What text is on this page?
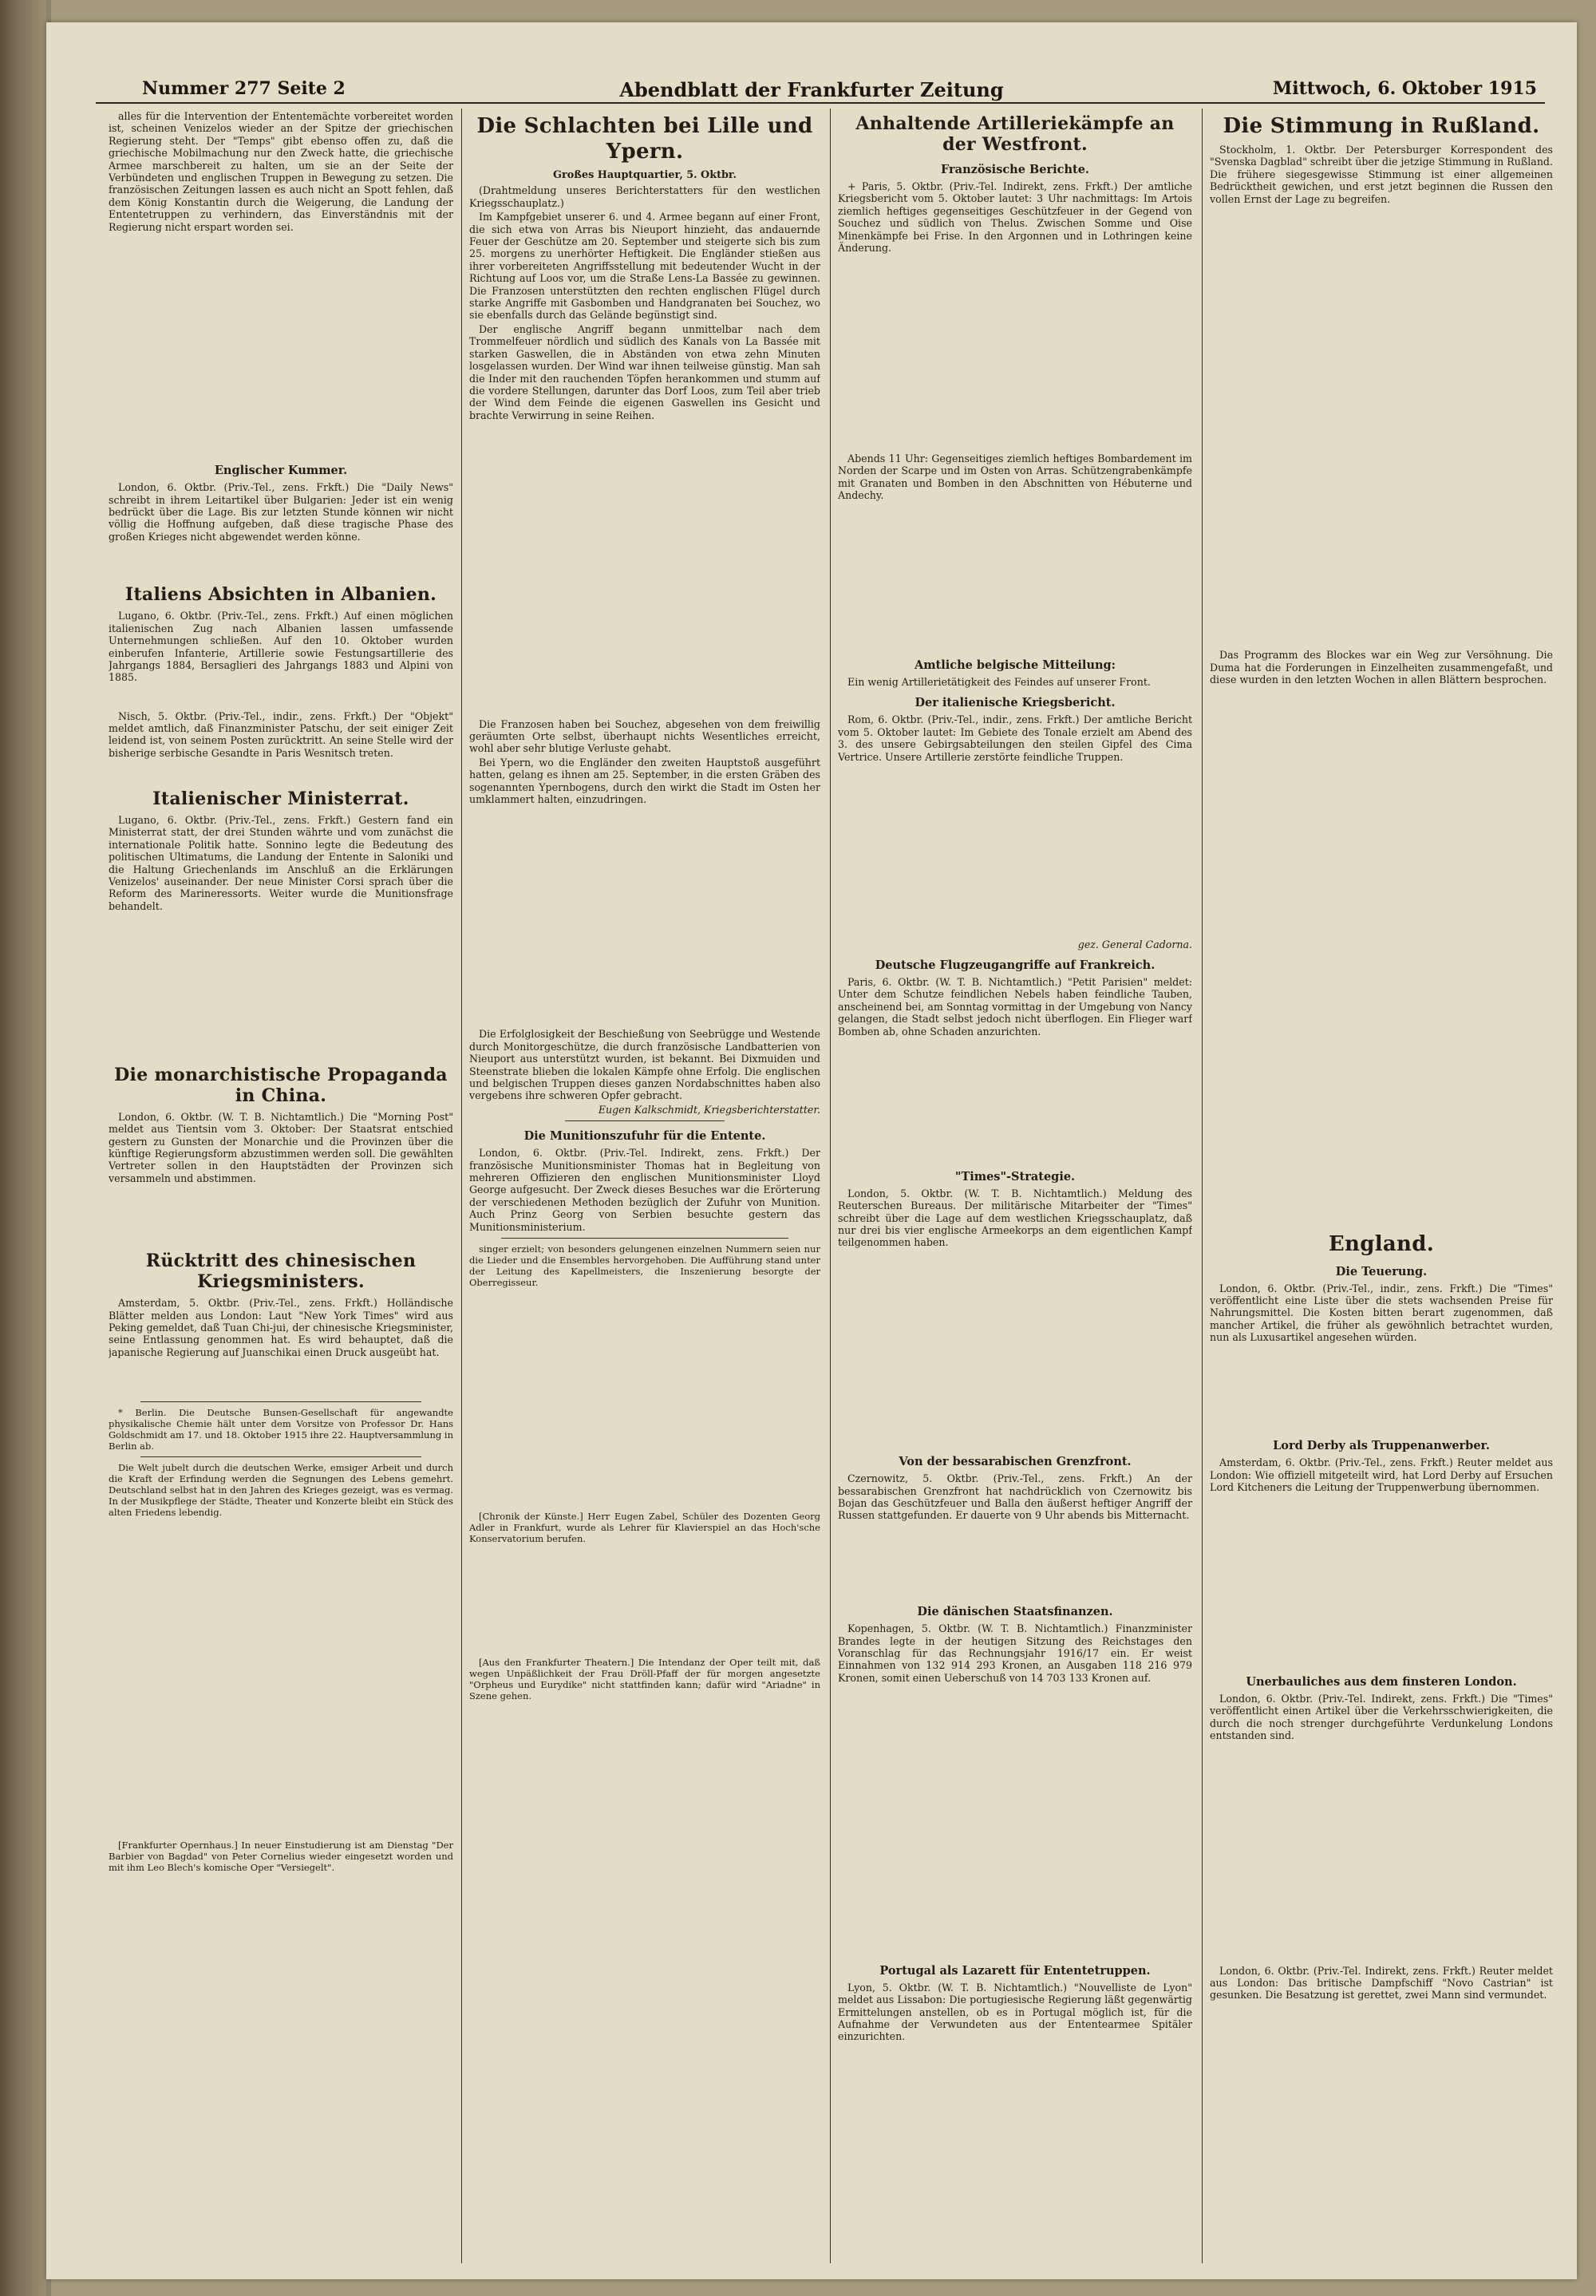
Nummer 277 Seite 2	Abendblatt der Frankfurter Zeitung	Mittwoch, 6. Oktober 1915

alles für die Intervention der Ententemächte vorbereitet worden ist, scheinen Venizelos wieder an der Spitze der griechischen Regierung steht. Der "Temps" gibt ebenso offen zu, daß die griechische Mobilmachung nur den Zweck hatte, die griechische Armee marschbereit zu halten, um sie an der Seite der Verbündeten und englischen Truppen in Bewegung zu setzen. Die französischen Zeitungen lassen es auch nicht an Spott fehlen, daß dem König Konstantin durch die Weigerung, die Landung der Ententetruppen zu verhindern, das Einverständnis mit der Regierung nicht erspart worden sei.

Englischer Kummer.

London, 6. Oktbr. (Priv.-Tel., zens. Frkft.) Die "Daily News" schreibt in ihrem Leitartikel über Bulgarien: Jeder ist ein wenig bedrückt über die Lage. Bis zur letzten Stunde können wir nicht völlig die Hoffnung aufgeben, daß diese tragische Phase des großen Krieges nicht abgewendet werden könne.

Italiens Absichten in Albanien.

Lugano, 6. Oktbr. (Priv.-Tel., zens. Frkft.) Auf einen möglichen italienischen Zug nach Albanien lassen umfassende Unternehmungen schließen. Auf den 10. Oktober wurden einberufen Infanterie, Artillerie sowie Festungsartillerie des Jahrgangs 1884, Bersaglieri des Jahrgangs 1883 und Alpini von 1885.

Nisch, 5. Oktbr. (Priv.-Tel., indir., zens. Frkft.) Der "Objekt" meldet amtlich, daß Finanzminister Patschu, der seit einiger Zeit leidend ist, von seinem Posten zurücktritt. An seine Stelle wird der bisherige serbische Gesandte in Paris Wesnitsch treten.

Italienischer Ministerrat.

Lugano, 6. Oktbr. (Priv.-Tel., zens. Frkft.) Gestern fand ein Ministerrat statt, der drei Stunden währte und vom zunächst die internationale Politik hatte. Sonnino legte die Bedeutung des politischen Ultimatums, die Landung der Entente in Saloniki und die Haltung Griechenlands im Anschluß an die Erklärungen Venizelos' auseinander. Der neue Minister Corsi sprach über die Reform des Marineressorts. Weiter wurde die Munitionsfrage behandelt.

Die monarchistische Propaganda in China.

London, 6. Oktbr. (W. T. B. Nichtamtlich.) Die "Morning Post" meldet aus Tientsin vom 3. Oktober: Der Staatsrat entschied gestern zu Gunsten der Monarchie und die Provinzen über die künftige Regierungsform abzustimmen werden soll. Die gewählten Vertreter sollen in den Hauptstädten der Provinzen sich versammeln und abstimmen.

Rücktritt des chinesischen Kriegsministers.

Amsterdam, 5. Oktbr. (Priv.-Tel., zens. Frkft.) Holländische Blätter melden aus London: Laut "New York Times" wird aus Peking gemeldet, daß Tuan Chi-jui, der chinesische Kriegsminister, seine Entlassung genommen hat. Es wird behauptet, daß die japanische Regierung auf Juanschikai einen Druck ausgeübt hat.

* Berlin. Die Deutsche Bunsen-Gesellschaft für angewandte physikalische Chemie hält unter dem Vorsitze von Professor Dr. Hans Goldschmidt am 17. und 18. Oktober 1915 ihre 22. Hauptversammlung in Berlin ab.

Die Welt jubelt durch die deutschen Werke, emsiger Arbeit und durch die Kraft der Erfindung werden die Segnungen des Lebens gemehrt. Deutschland selbst hat in den Jahren des Krieges gezeigt, was es vermag. In der Musikpflege der Städte, Theater und Konzerte bleibt ein Stück des alten Friedens lebendig.

[Frankfurter Opernhaus.] In neuer Einstudierung ist am Dienstag "Der Barbier von Bagdad" von Peter Cornelius wieder eingesetzt worden und mit ihm Leo Blech's komische Oper "Versiegelt".

Die Schlachten bei Lille und Ypern.
Großes Hauptquartier, 5. Oktbr.

(Drahtmeldung unseres Berichterstatters für den westlichen Kriegsschauplatz.)

Im Kampfgebiet unserer 6. und 4. Armee begann auf einer Front, die sich etwa von Arras bis Nieuport hinzieht, das andauernde Feuer der Geschütze am 20. September und steigerte sich bis zum 25. morgens zu unerhörter Heftigkeit. Die Engländer stießen aus ihrer vorbereiteten Angriffsstellung mit bedeutender Wucht in der Richtung auf Loos vor, um die Straße Lens-La Bassée zu gewinnen. Die Franzosen unterstützten den rechten englischen Flügel durch starke Angriffe mit Gasbomben und Handgranaten bei Souchez, wo sie ebenfalls durch das Gelände begünstigt sind.

Der englische Angriff begann unmittelbar nach dem Trommelfeuer nördlich und südlich des Kanals von La Bassée mit starken Gaswellen, die in Abständen von etwa zehn Minuten losgelassen wurden. Der Wind war ihnen teilweise günstig. Man sah die Inder mit den rauchenden Töpfen herankommen und stumm auf die vordere Stellungen, darunter das Dorf Loos, zum Teil aber trieb der Wind dem Feinde die eigenen Gaswellen ins Gesicht und brachte Verwirrung in seine Reihen.

Die Franzosen haben bei Souchez, abgesehen von dem freiwillig geräumten Orte selbst, überhaupt nichts Wesentliches erreicht, wohl aber sehr blutige Verluste gehabt.

Bei Ypern, wo die Engländer den zweiten Hauptstoß ausgeführt hatten, gelang es ihnen am 25. September, in die ersten Gräben des sogenannten Ypernbogens, durch den wirkt die Stadt im Osten her umklammert halten, einzudringen.

Die Erfolglosigkeit der Beschießung von Seebrügge und Westende durch Monitorgeschütze, die durch französische Landbatterien von Nieuport aus unterstützt wurden, ist bekannt. Bei Dixmuiden und Steenstrate blieben die lokalen Kämpfe ohne Erfolg. Die englischen und belgischen Truppen dieses ganzen Nordabschnittes haben also vergebens ihre schweren Opfer gebracht.

Eugen Kalkschmidt, Kriegsberichterstatter.
Die Munitionszufuhr für die Entente.

London, 6. Oktbr. (Priv.-Tel. Indirekt, zens. Frkft.) Der französische Munitionsminister Thomas hat in Begleitung von mehreren Offizieren den englischen Munitionsminister Lloyd George aufgesucht. Der Zweck dieses Besuches war die Erörterung der verschiedenen Methoden bezüglich der Zufuhr von Munition. Auch Prinz Georg von Serbien besuchte gestern das Munitionsministerium.

singer erzielt; von besonders gelungenen einzelnen Nummern seien nur die Lieder und die Ensembles hervorgehoben. Die Aufführung stand unter der Leitung des Kapellmeisters, die Inszenierung besorgte der Oberregisseur.

[Chronik der Künste.] Herr Eugen Zabel, Schüler des Dozenten Georg Adler in Frankfurt, wurde als Lehrer für Klavierspiel an das Hoch'sche Konservatorium berufen.

[Aus den Frankfurter Theatern.] Die Intendanz der Oper teilt mit, daß wegen Unpäßlichkeit der Frau Dröll-Pfaff der für morgen angesetzte "Orpheus und Eurydike" nicht stattfinden kann; dafür wird "Ariadne" in Szene gehen.

Anhaltende Artilleriekämpfe an der Westfront.
Französische Berichte.

+ Paris, 5. Oktbr. (Priv.-Tel. Indirekt, zens. Frkft.) Der amtliche Kriegsbericht vom 5. Oktober lautet: 3 Uhr nachmittags: Im Artois ziemlich heftiges gegenseitiges Geschützfeuer in der Gegend von Souchez und südlich von Thelus. Zwischen Somme und Oise Minenkämpfe bei Frise. In den Argonnen und in Lothringen keine Änderung.

Abends 11 Uhr: Gegenseitiges ziemlich heftiges Bombardement im Norden der Scarpe und im Osten von Arras. Schützengrabenkämpfe mit Granaten und Bomben in den Abschnitten von Hébuterne und Andechy.

Amtliche belgische Mitteilung:

Ein wenig Artillerietätigkeit des Feindes auf unserer Front.

Der italienische Kriegsbericht.

Rom, 6. Oktbr. (Priv.-Tel., indir., zens. Frkft.) Der amtliche Bericht vom 5. Oktober lautet: Im Gebiete des Tonale erzielt am Abend des 3. des unsere Gebirgsabteilungen den steilen Gipfel des Cima Vertrice. Unsere Artillerie zerstörte feindliche Truppen.

gez. General Cadorna.
Deutsche Flugzeugangriffe auf Frankreich.

Paris, 6. Oktbr. (W. T. B. Nichtamtlich.) "Petit Parisien" meldet: Unter dem Schutze feindlichen Nebels haben feindliche Tauben, anscheinend bei, am Sonntag vormittag in der Umgebung von Nancy gelangen, die Stadt selbst jedoch nicht überflogen. Ein Flieger warf Bomben ab, ohne Schaden anzurichten.

"Times"-Strategie.

London, 5. Oktbr. (W. T. B. Nichtamtlich.) Meldung des Reuterschen Bureaus. Der militärische Mitarbeiter der "Times" schreibt über die Lage auf dem westlichen Kriegsschauplatz, daß nur drei bis vier englische Armeekorps an dem eigentlichen Kampf teilgenommen haben.

Von der bessarabischen Grenzfront.

Czernowitz, 5. Oktbr. (Priv.-Tel., zens. Frkft.) An der bessarabischen Grenzfront hat nachdrücklich von Czernowitz bis Bojan das Geschützfeuer und Balla den äußerst heftiger Angriff der Russen stattgefunden. Er dauerte von 9 Uhr abends bis Mitternacht.

Die dänischen Staatsfinanzen.

Kopenhagen, 5. Oktbr. (W. T. B. Nichtamtlich.) Finanzminister Brandes legte in der heutigen Sitzung des Reichstages den Voranschlag für das Rechnungsjahr 1916/17 ein. Er weist Einnahmen von 132 914 293 Kronen, an Ausgaben 118 216 979 Kronen, somit einen Ueberschuß von 14 703 133 Kronen auf.

Portugal als Lazarett für Ententetruppen.

Lyon, 5. Oktbr. (W. T. B. Nichtamtlich.) "Nouvelliste de Lyon" meldet aus Lissabon: Die portugiesische Regierung läßt gegenwärtig Ermittelungen anstellen, ob es in Portugal möglich ist, für die Aufnahme der Verwundeten aus der Ententearmee Spitäler einzurichten.

Die Stimmung in Rußland.

Stockholm, 1. Oktbr. Der Petersburger Korrespondent des "Svenska Dagblad" schreibt über die jetzige Stimmung in Rußland. Die frühere siegesgewisse Stimmung ist einer allgemeinen Bedrücktheit gewichen, und erst jetzt beginnen die Russen den vollen Ernst der Lage zu begreifen.

Das Programm des Blockes war ein Weg zur Versöhnung. Die Duma hat die Forderungen in Einzelheiten zusammengefaßt, und diese wurden in den letzten Wochen in allen Blättern besprochen.

England.
Die Teuerung.

London, 6. Oktbr. (Priv.-Tel., indir., zens. Frkft.) Die "Times" veröffentlicht eine Liste über die stets wachsenden Preise für Nahrungsmittel. Die Kosten bitten berart zugenommen, daß mancher Artikel, die früher als gewöhnlich betrachtet wurden, nun als Luxusartikel angesehen würden.

Lord Derby als Truppenanwerber.

Amsterdam, 6. Oktbr. (Priv.-Tel., zens. Frkft.) Reuter meldet aus London: Wie offiziell mitgeteilt wird, hat Lord Derby auf Ersuchen Lord Kitcheners die Leitung der Truppenwerbung übernommen.

Unerbauliches aus dem finsteren London.

London, 6. Oktbr. (Priv.-Tel. Indirekt, zens. Frkft.) Die "Times" veröffentlicht einen Artikel über die Verkehrsschwierigkeiten, die durch die noch strenger durchgeführte Verdunkelung Londons entstanden sind.

London, 6. Oktbr. (Priv.-Tel. Indirekt, zens. Frkft.) Reuter meldet aus London: Das britische Dampfschiff "Novo Castrian" ist gesunken. Die Besatzung ist gerettet, zwei Mann sind vermundet.
